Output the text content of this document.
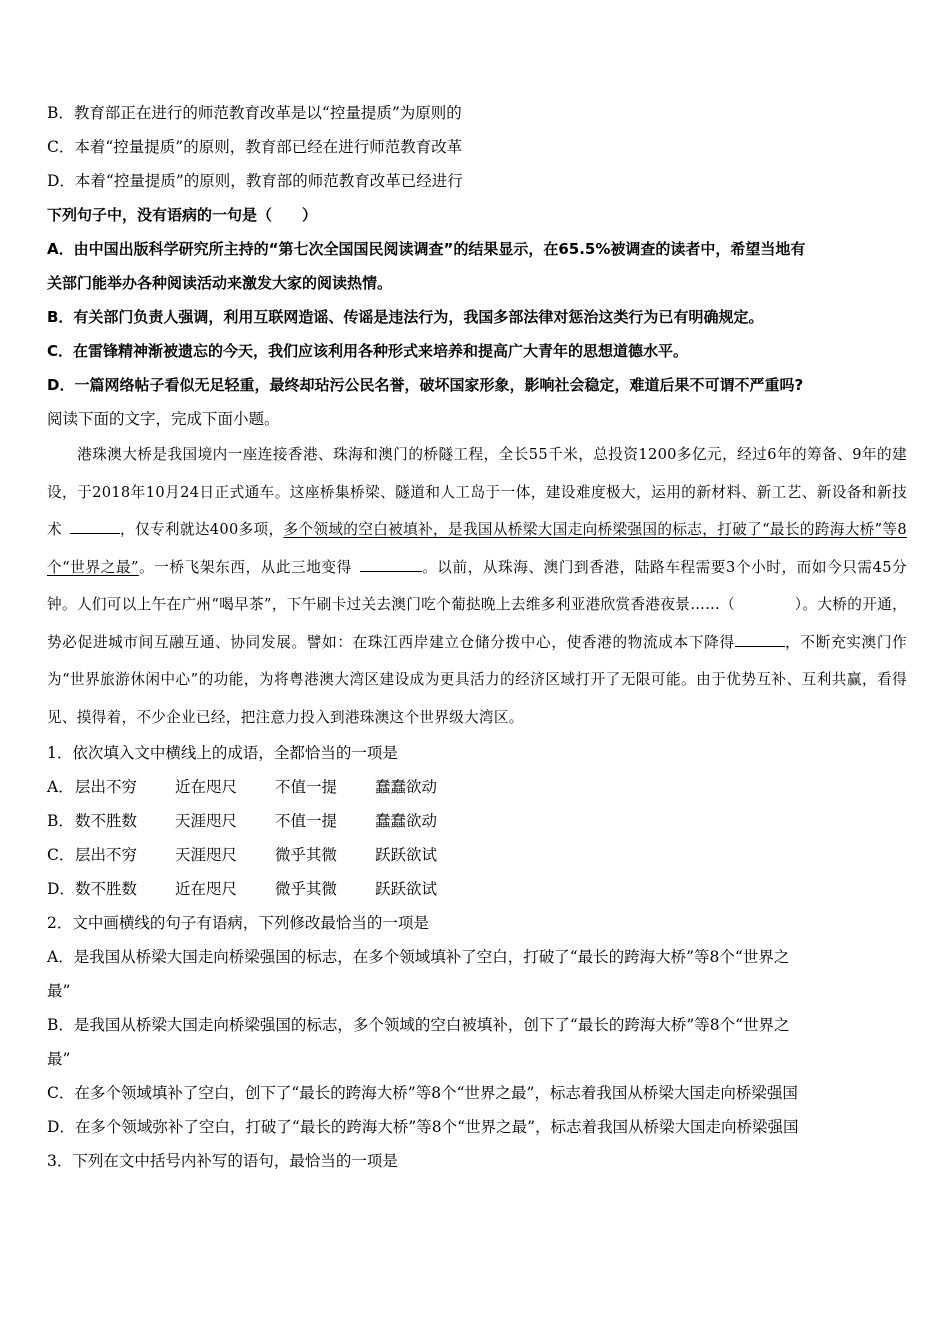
B．教育部正在进行的师范教育改革是以“控量提质”为原则的
C．本着“控量提质”的原则，教育部已经在进行师范教育改革
D．本着“控量提质”的原则，教育部的师范教育改革已经进行
下列句子中，没有语病的一句是（　　）
A．由中国出版科学研究所主持的“第七次全国国民阅读调查”的结果显示，在65.5%被调查的读者中，希望当地有
关部门能举办各种阅读活动来激发大家的阅读热情。
B．有关部门负责人强调，利用互联网造谣、传谣是违法行为，我国多部法律对惩治这类行为已有明确规定。
C．在雷锋精神渐被遗忘的今天，我们应该利用各种形式来培养和提高广大青年的思想道德水平。
D．一篇网络帖子看似无足轻重，最终却玷污公民名誉，破坏国家形象，影响社会稳定，难道后果不可谓不严重吗?
阅读下面的文字，完成下面小题。
港珠澳大桥是我国境内一座连接香港、珠海和澳门的桥隧工程，全长55千米，总投资1200多亿元，经过6年的筹备、9年的建设，于2018年10月24日正式通车。这座桥集桥梁、隧道和人工岛于一体，建设难度极大，运用的新材料、新工艺、新设备和新技术	，仅专利就达400多项，多个领域的空白被填补，是我国从桥梁大国走向桥梁强国的标志，打破了“最长的跨海大桥”等8个“世界之最”。一桥飞架东西，从此三地变得	。以前，从珠海、澳门到香港，陆路车程需要3个小时，而如今只需45分钟。人们可以上午在广州“喝早茶”，下午刷卡过关去澳门吃个葡挞晚上去维多利亚港欣赏香港夜景……（　　　　）。大桥的开通，势必促进城市间互融互通、协同发展。譬如：在珠江西岸建立仓储分拨中心，使香港的物流成本下降得	，不断充实澳门作为“世界旅游休闲中心”的功能，为将粤港澳大湾区建设成为更具活力的经济区域打开了无限可能。由于优势互补、互利共赢，看得见、摸得着，不少企业已经，把注意力投入到港珠澳这个世界级大湾区。
1．依次填入文中横线上的成语，全都恰当的一项是
A．层出不穷 近在咫尺 不值一提 蠢蠢欲动
B．数不胜数 天涯咫尺 不值一提 蠢蠢欲动
C．层出不穷 天涯咫尺 微乎其微 跃跃欲试
D．数不胜数 近在咫尺 微乎其微 跃跃欲试
2．文中画横线的句子有语病，下列修改最恰当的一项是
A．是我国从桥梁大国走向桥梁强国的标志，在多个领域填补了空白，打破了“最长的跨海大桥”等8个“世界之
最”
B．是我国从桥梁大国走向桥梁强国的标志，多个领域的空白被填补，创下了“最长的跨海大桥”等8个“世界之
最”
C．在多个领域填补了空白，创下了“最长的跨海大桥”等8个“世界之最”，标志着我国从桥梁大国走向桥梁强国
D．在多个领域弥补了空白，打破了“最长的跨海大桥”等8个“世界之最”，标志着我国从桥梁大国走向桥梁强国
3．下列在文中括号内补写的语句，最恰当的一项是
